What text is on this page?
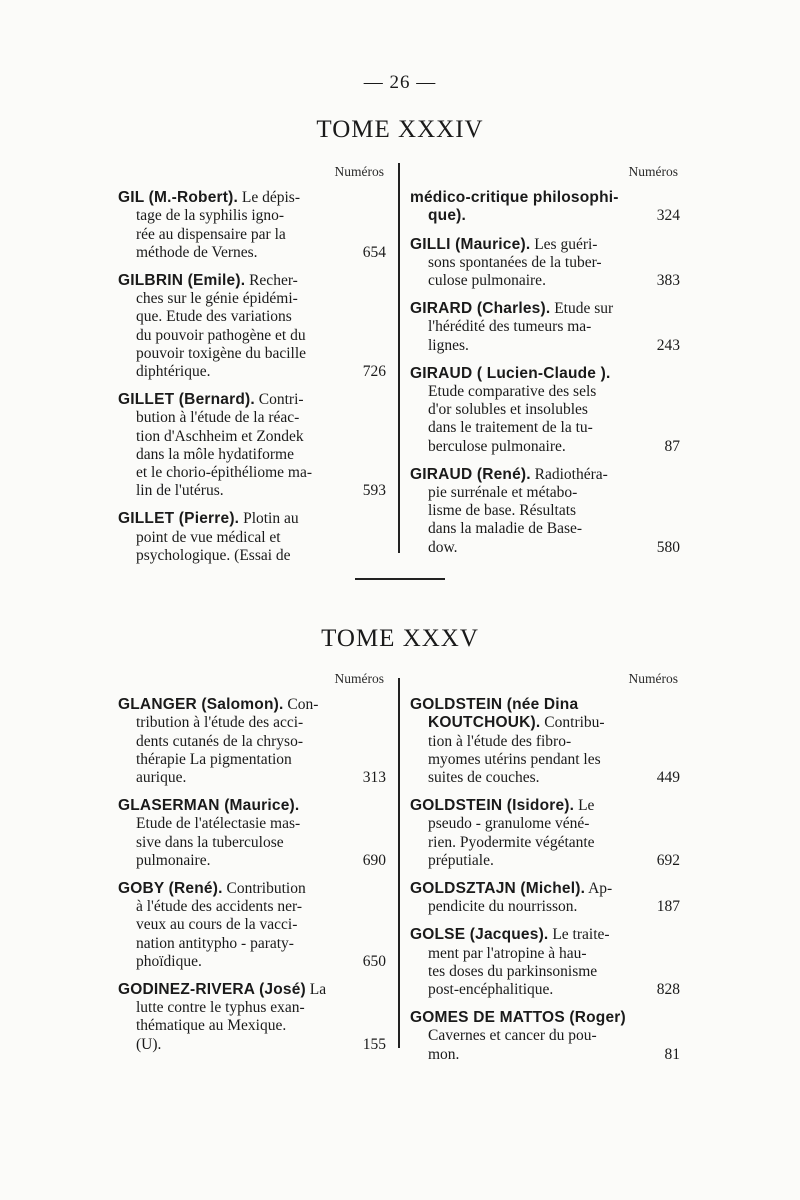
— 26 —
TOME XXXIV
Numéros
GIL (M.-Robert). Le dépis-
tage de la syphilis igno-
rée au dispensaire par la
méthode de Vernes.	654
GILBRIN (Emile). Recher-
ches sur le génie épidémi-
que. Etude des variations
du pouvoir pathogène et du
pouvoir toxigène du bacille
diphtérique.	726
GILLET (Bernard). Contri-
bution à l'étude de la réac-
tion d'Aschheim et Zondek
dans la môle hydatiforme
et le chorio-épithéliome ma-
lin de l'utérus.	593
GILLET (Pierre). Plotin au
point de vue médical et
psychologique. (Essai de
Numéros
médico-critique philosophi-
que).	324
GILLI (Maurice). Les guéri-
sons spontanées de la tuber-
culose pulmonaire.	383
GIRARD (Charles). Etude sur
l'hérédité des tumeurs ma-
lignes.	243
GIRAUD ( Lucien-Claude ).
Etude comparative des sels
d'or solubles et insolubles
dans le traitement de la tu-
berculose pulmonaire.	87
GIRAUD (René). Radiothéra-
pie surrénale et métabo-
lisme de base. Résultats
dans la maladie de Base-
dow.	580
TOME XXXV
Numéros
GLANGER (Salomon). Con-
tribution à l'étude des acci-
dents cutanés de la chryso-
thérapie La pigmentation
aurique.	313
GLASERMAN (Maurice).
Etude de l'atélectasie mas-
sive dans la tuberculose
pulmonaire.	690
GOBY (René). Contribution
à l'étude des accidents ner-
veux au cours de la vacci-
nation antitypho - paraty-
phoïdique.	650
GODINEZ-RIVERA (José) La
lutte contre le typhus exan-
thématique au Mexique.
(U).	155
Numéros
GOLDSTEIN (née Dina
KOUTCHOUK). Contribu-
tion à l'étude des fibro-
myomes utérins pendant les
suites de couches.	449
GOLDSTEIN (Isidore). Le
pseudo - granulome véné-
rien. Pyodermite végétante
préputiale.	692
GOLDSZTAJN (Michel). Ap-
pendicite du nourrisson.	187
GOLSE (Jacques). Le traite-
ment par l'atropine à hau-
tes doses du parkinsonisme
post-encéphalitique.	828
GOMES DE MATTOS (Roger)
Cavernes et cancer du pou-
mon.	81
